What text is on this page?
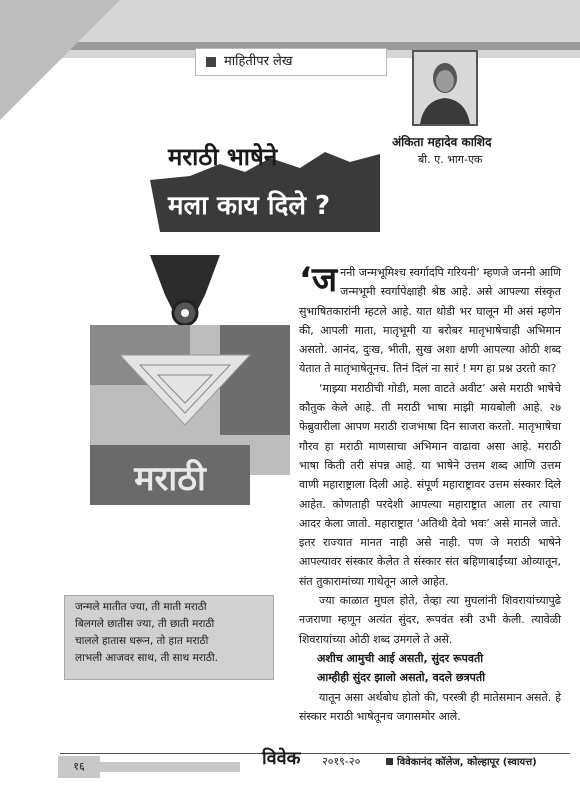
माहितीपर लेख
अंकिता महादेव काशिद
बी. ए. भाग-एक
मराठी भाषेने
मला काय दिले ?
मराठी
जन्मले मातीत ज्या, ती माती मराठी
बिलगले छातीस ज्या, ती छाती मराठी
चालले हातास धरून, तो हात मराठी
लाभली आजवर साथ, ती साथ मराठी.

‘जननी जन्मभूमिश्च स्वर्गादपि गरियनी’ म्हणजे जननी आणि जन्मभूमी स्वर्गापेक्षाही श्रेष्ठ आहे. असे आपल्या संस्कृत सुभाषितकारांनी म्हटले आहे. यात थोडी भर घालून मी असं म्हणेन की, आपली माता, मातृभूमी या बरोबर मातृभाषेचाही अभिमान असतो. आनंद, दुःख, भीती, सुख अशा क्षणी आपल्या ओठी शब्द येतात ते मातृभाषेतूनच. तिनं दिलं ना सारं ! मग हा प्रश्न उरतो का?

‘माझ्या मराठीची गोडी, मला वाटते अवीट’ असे मराठी भाषेचे कौतुक केले आहे. ती मराठी भाषा माझी मायबोली आहे. २७ फेब्रुवारीला आपण मराठी राजभाषा दिन साजरा करतो. मातृभाषेचा गौरव हा मराठी माणसाचा अभिमान वाढावा असा आहे. मराठी भाषा किती तरी संपन्न आहे. या भाषेने उत्तम शब्द आणि उत्तम वाणी महाराष्ट्राला दिली आहे. संपूर्ण महाराष्ट्रावर उत्तम संस्कार दिले आहेत. कोणताही परदेशी आपल्या महाराष्ट्रात आला तर त्याचा आदर केला जातो. महाराष्ट्रात ‘अतिथी देवो भवः’ असे मानले जाते. इतर राज्यात मानत नाही असे नाही. पण जे मराठी भाषेने आपल्यावर संस्कार केलेत ते संस्कार संत बहिणाबाईंच्या ओव्यातून, संत तुकारामांच्या गाथेतून आले आहेत.

ज्या काळात मुघल होते, तेव्हा त्या मुघलांनी शिवरायांच्यापुढे नजराणा म्हणून अत्यंत सुंदर, रूपवंत स्त्री उभी केली. त्यावेळी शिवरायांच्या ओठी शब्द उमगले ते असे.

अशीच आमुची आई असती, सुंदर रूपवती

आम्हीही सुंदर झालो असतो, वदले छत्रपती

यातून असा अर्थबोध होतो की, परस्त्री ही मातेसमान असते. हे संस्कार मराठी भाषेतूनच जगासमोर आले.

१६	विवेक २०१९-२०	विवेकानंद कॉलेज, कोल्हापूर (स्वायत्त)
